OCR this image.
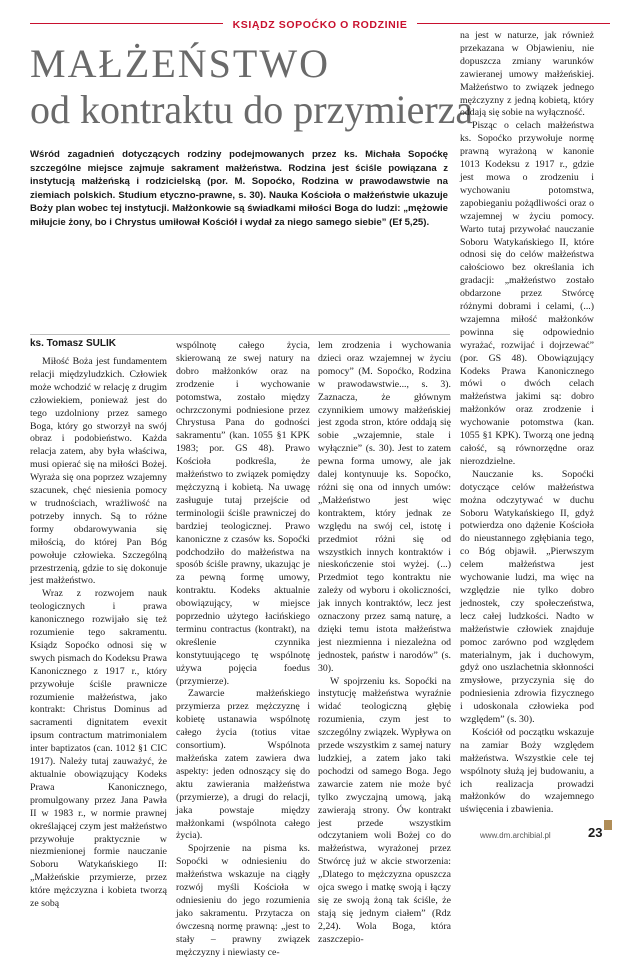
KSIĄDZ SOPOĆKO O RODZINIE
MAŁŻEŃSTWO
od kontraktu do przymierza
Wśród zagadnień dotyczących rodziny podejmowanych przez ks. Michała Sopoćkę szczególne miejsce zajmuje sakrament małżeństwa. Rodzina jest ściśle powiązana z instytucją małżeńską i rodzicielską (por. M. Sopoćko, Rodzina w prawodawstwie na ziemiach polskich. Studium etyczno-prawne, s. 30). Nauka Kościoła o małżeństwie ukazuje Boży plan wobec tej instytucji. Małżonkowie są świadkami miłości Boga do ludzi: „mężowie miłujcie żony, bo i Chrystus umiłował Kościół i wydał za niego samego siebie” (Ef 5,25).
ks. Tomasz SULIK

Miłość Boża jest fundamentem relacji międzyludzkich. Człowiek może wchodzić w relację z drugim człowiekiem, ponieważ jest do tego uzdolniony przez samego Boga, który go stworzył na swój obraz i podobieństwo. Każda relacja zatem, aby była właściwa, musi opierać się na miłości Bożej. Wyraża się ona poprzez wzajemny szacunek, chęć niesienia pomocy w trudnościach, wrażliwość na potrzeby innych. Są to różne formy obdarowywania się miłością, do której Pan Bóg powołuje człowieka. Szczególną przestrzenią, gdzie to się dokonuje jest małżeństwo.

Wraz z rozwojem nauk teologicznych i prawa kanonicznego rozwijało się też rozumienie tego sakramentu. Ksiądz Sopoćko odnosi się w swych pismach do Kodeksu Prawa Kanonicznego z 1917 r., który przywołuje ściśle prawnicze rozumienie małżeństwa, jako kontrakt: Christus Dominus ad sacramenti dignitatem evexit ipsum contractum matrimonialem inter baptizatos (can. 1012 §1 CIC 1917). Należy tutaj zauważyć, że aktualnie obowiązujący Kodeks Prawa Kanonicznego, promulgowany przez Jana Pawła II w 1983 r., w normie prawnej określającej czym jest małżeństwo przywołuje praktycznie w niezmienionej formie nauczanie Soboru Watykańskiego II: „Małżeńskie przymierze, przez które mężczyzna i kobieta tworzą ze sobą

wspólnotę całego życia, skierowaną ze swej natury na dobro małżonków oraz na zrodzenie i wychowanie potomstwa, zostało między ochrzczonymi podniesione przez Chrystusa Pana do godności sakramentu” (kan. 1055 §1 KPK 1983; por. GS 48). Prawo Kościoła podkreśla, że małżeństwo to związek pomiędzy mężczyzną i kobietą. Na uwagę zasługuje tutaj przejście od terminologii ściśle prawniczej do bardziej teologicznej. Prawo kanoniczne z czasów ks. Sopoćki podchodziło do małżeństwa na sposób ściśle prawny, ukazując je za pewną formę umowy, kontraktu. Kodeks aktualnie obowiązujący, w miejsce poprzednio użytego łacińskiego terminu contractus (kontrakt), na określenie czynnika konstytuującego tę wspólnotę używa pojęcia foedus (przymierze).

Zawarcie małżeńskiego przymierza przez mężczyznę i kobietę ustanawia wspólnotę całego życia (totius vitae consortium). Wspólnota małżeńska zatem zawiera dwa aspekty: jeden odnoszący się do aktu zawierania małżeństwa (przymierze), a drugi do relacji, jaka powstaje między małżonkami (wspólnota całego życia).

Spojrzenie na pisma ks. Sopoćki w odniesieniu do małżeństwa wskazuje na ciągły rozwój myśli Kościoła w odniesieniu do jego rozumienia jako sakramentu. Przytacza on ówczesną normę prawną: „jest to stały – prawny związek mężczyzny i niewiasty ce-

lem zrodzenia i wychowania dzieci oraz wzajemnej w życiu pomocy” (M. Sopoćko, Rodzina w prawodawstwie..., s. 3). Zaznacza, że głównym czynnikiem umowy małżeńskiej jest zgoda stron, które oddają się sobie „wzajemnie, stale i wyłącznie” (s. 30). Jest to zatem pewna forma umowy, ale jak dalej kontynuuje ks. Sopoćko, różni się ona od innych umów: „Małżeństwo jest więc kontraktem, który jednak ze względu na swój cel, istotę i przedmiot różni się od wszystkich innych kontraktów i nieskończenie stoi wyżej. (...) Przedmiot tego kontraktu nie zależy od wyboru i okoliczności, jak innych kontraktów, lecz jest oznaczony przez samą naturę, a dzięki temu istota małżeństwa jest niezmienna i niezależna od jednostek, państw i narodów” (s. 30).

W spojrzeniu ks. Sopoćki na instytucję małżeństwa wyraźnie widać teologiczną głębię rozumienia, czym jest to szczególny związek. Wypływa on przede wszystkim z samej natury ludzkiej, a zatem jako taki pochodzi od samego Boga. Jego zawarcie zatem nie może być tylko zwyczajną umową, jaką zawierają strony. Ów kontrakt jest przede wszystkim odczytaniem woli Bożej co do małżeństwa, wyrażonej przez Stwórcę już w akcie stworzenia: „Dlatego to mężczyzna opuszcza ojca swego i matkę swoją i łączy się ze swoją żoną tak ściśle, że stają się jednym ciałem” (Rdz 2,24). Wola Boga, która zaszczepio-

na jest w naturze, jak również przekazana w Objawieniu, nie dopuszcza zmiany warunków zawieranej umowy małżeńskiej. Małżeństwo to związek jednego mężczyzny z jedną kobietą, który oddają się sobie na wyłączność.

Pisząc o celach małżeństwa ks. Sopoćko przywołuje normę prawną wyrażoną w kanonie 1013 Kodeksu z 1917 r., gdzie jest mowa o zrodzeniu i wychowaniu potomstwa, zapobieganiu pożądliwości oraz o wzajemnej w życiu pomocy. Warto tutaj przywołać nauczanie Soboru Watykańskiego II, które odnosi się do celów małżeństwa całościowo bez określania ich gradacji: „małżeństwo zostało obdarzone przez Stwórcę różnymi dobrami i celami, (...) wzajemna miłość małżonków powinna się odpowiednio wyrażać, rozwijać i dojrzewać” (por. GS 48). Obowiązujący Kodeks Prawa Kanonicznego mówi o dwóch celach małżeństwa jakimi są: dobro małżonków oraz zrodzenie i wychowanie potomstwa (kan. 1055 §1 KPK). Tworzą one jedną całość, są równorzędne oraz nierozdzielne.

Nauczanie ks. Sopoćki dotyczące celów małżeństwa można odczytywać w duchu Soboru Watykańskiego II, gdyż potwierdza ono dążenie Kościoła do nieustannego zgłębiania tego, co Bóg objawił. „Pierwszym celem małżeństwa jest wychowanie ludzi, ma więc na względzie nie tylko dobro jednostek, czy społeczeństwa, lecz całej ludzkości. Nadto w małżeństwie człowiek znajduje pomoc zarówno pod względem materialnym, jak i duchowym, gdyż ono uszlachetnia skłonności zmysłowe, przyczynia się do podniesienia zdrowia fizycznego i udoskonala człowieka pod względem” (s. 30).

Kościół od początku wskazuje na zamiar Boży względem małżeństwa. Wszystkie cele tej wspólnoty służą jej budowaniu, a ich realizacja prowadzi małżonków do wzajemnego uświęcenia i zbawienia.

www.dm.archibial.pl	23
